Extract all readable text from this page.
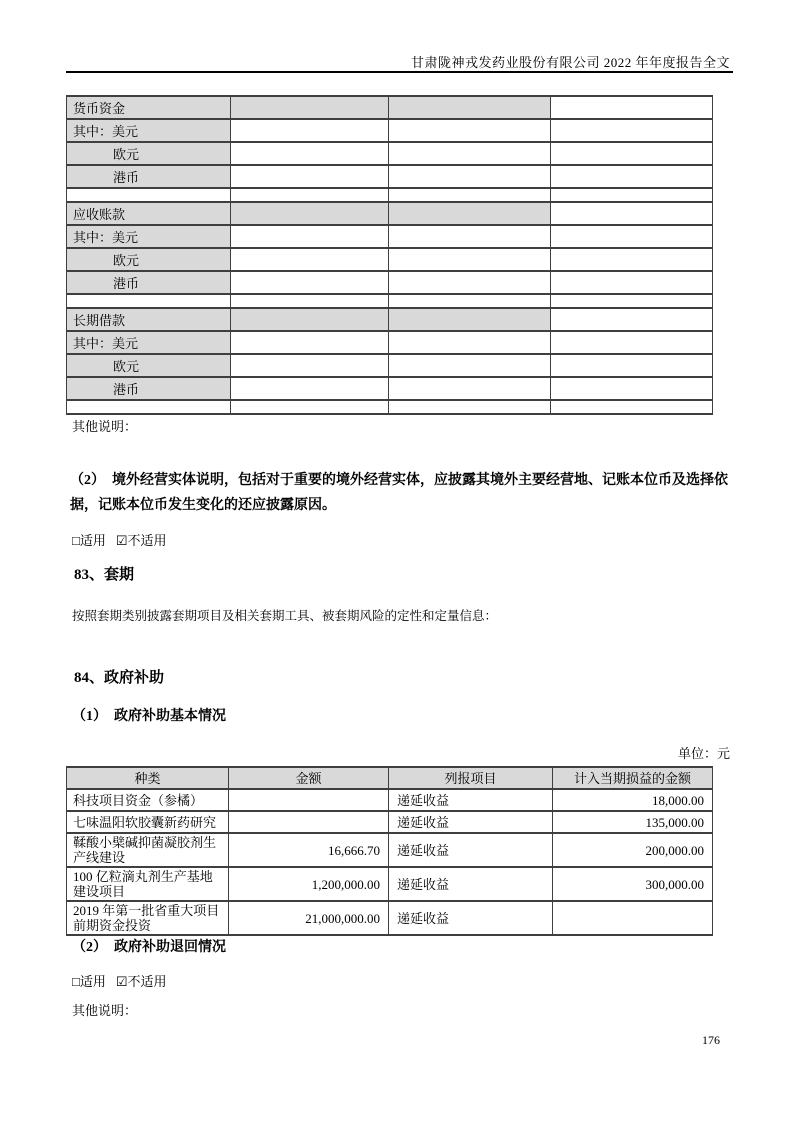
甘肃陇神戎发药业股份有限公司 2022 年年度报告全文
货币资金			
其中：美元			
欧元			
港币			

应收账款			
其中：美元			
欧元			
港币			

长期借款			
其中：美元			
欧元			
港币			

其他说明：
（2）　境外经营实体说明，包括对于重要的境外经营实体，应披露其境外主要经营地、记账本位币及选择依据，记账本位币发生变化的还应披露原因。
□适用 ☑不适用
83、套期
按照套期类别披露套期项目及相关套期工具、被套期风险的定性和定量信息：
84、政府补助
（1）　政府补助基本情况
单位：元
种类	金额	列报项目	计入当期损益的金额
科技项目资金（参橘）		递延收益	18,000.00
七味温阳软胶囊新药研究		递延收益	135,000.00
鞣酸小檗碱抑菌凝胶剂生产线建设	16,666.70	递延收益	200,000.00
100 亿粒滴丸剂生产基地建设项目	1,200,000.00	递延收益	300,000.00
2019 年第一批省重大项目前期资金投资	21,000,000.00	递延收益	
（2）　政府补助退回情况
□适用 ☑不适用
其他说明：
176
